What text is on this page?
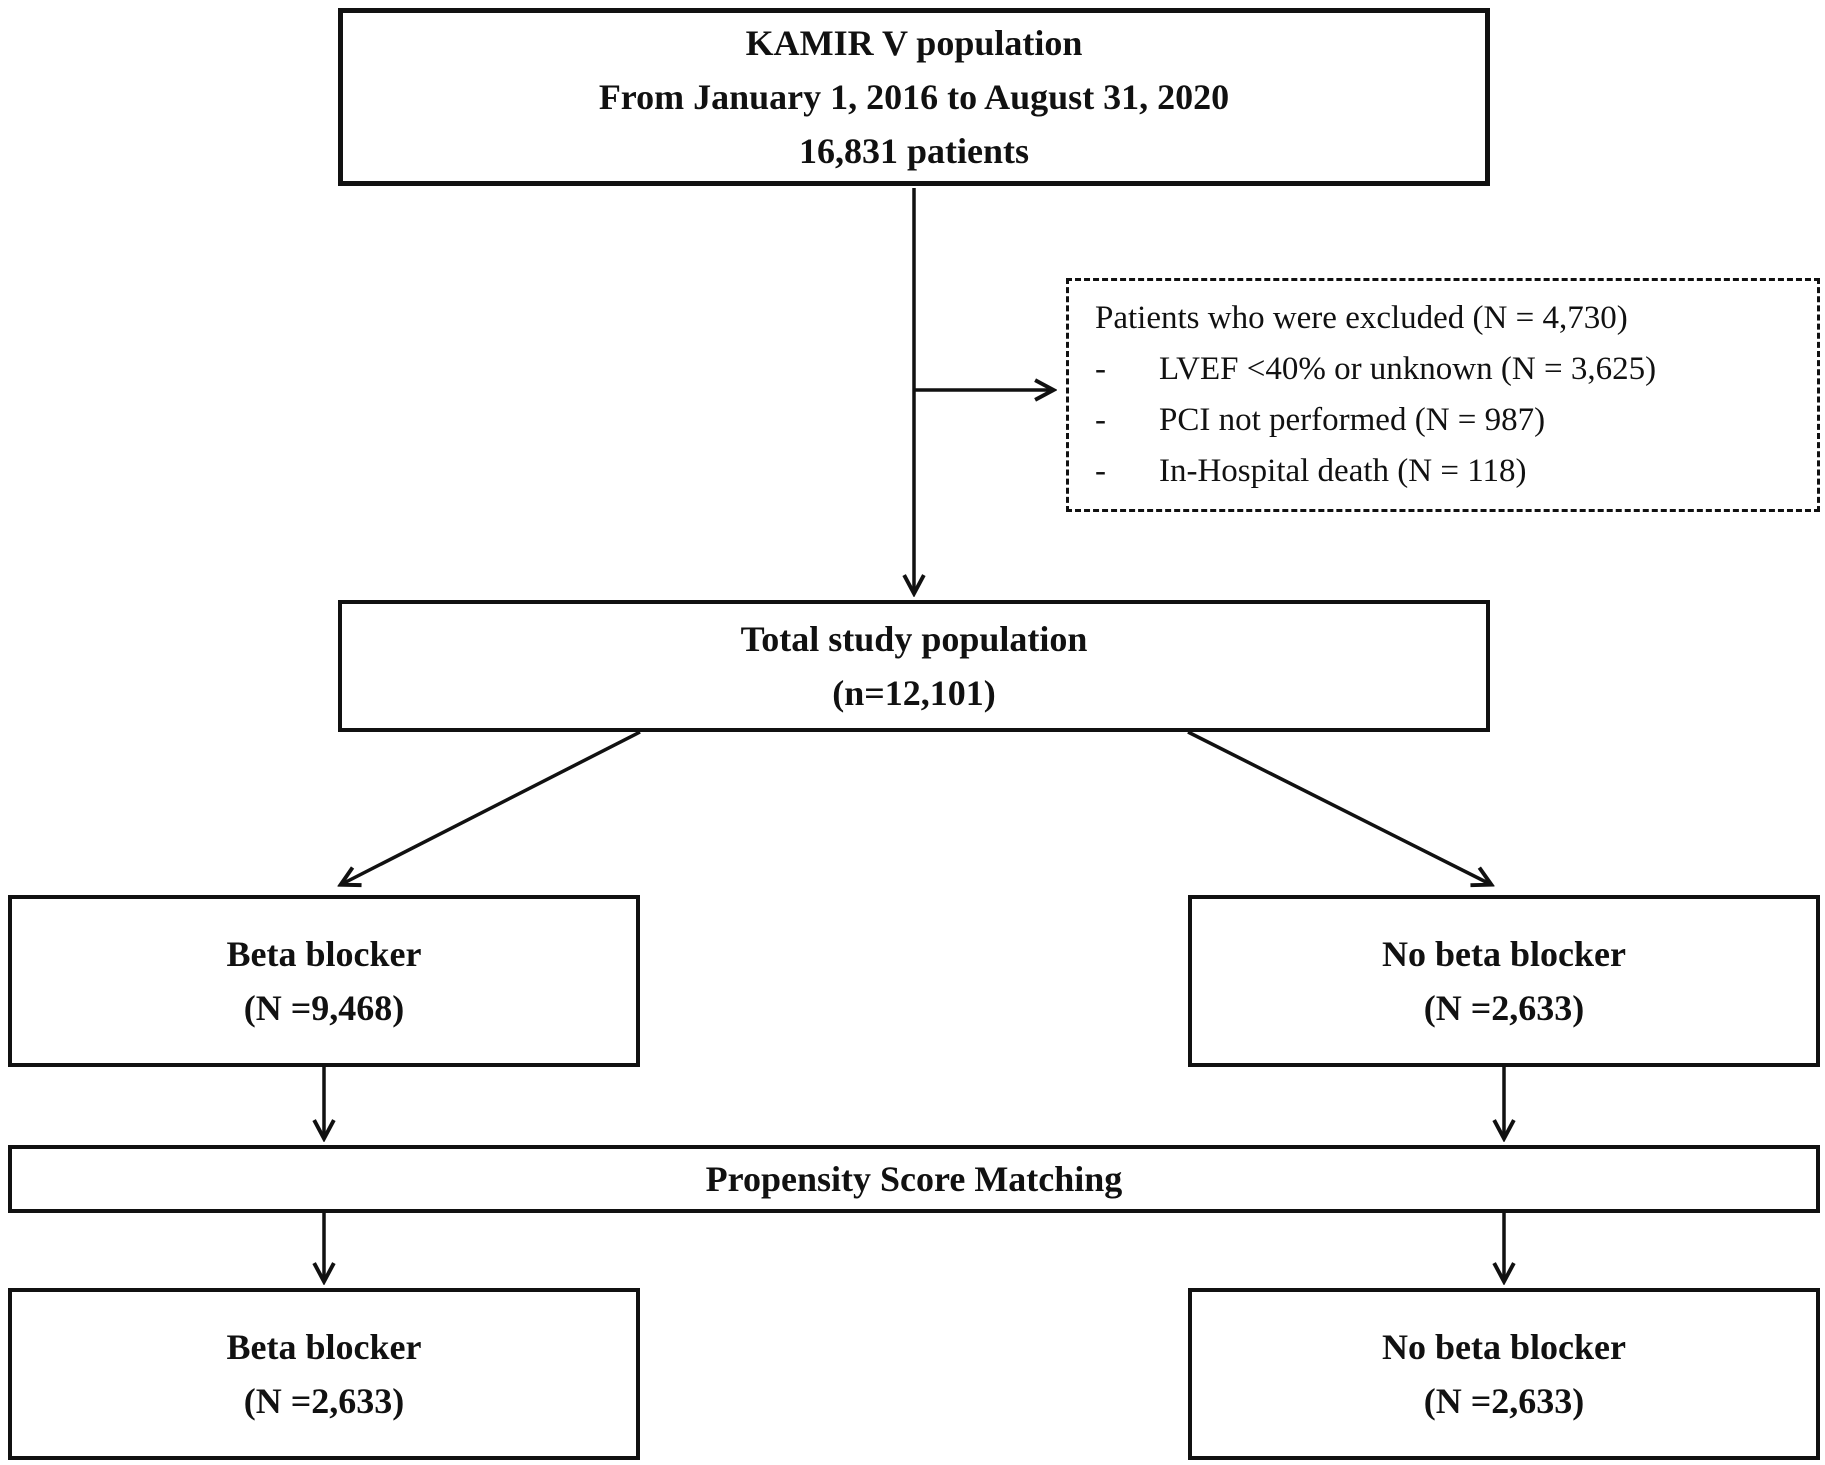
KAMIR V population
From January 1, 2016 to August 31, 2020
16,831 patients
Patients who were excluded (N = 4,730)
-	LVEF <40% or unknown (N = 3,625)
-	PCI not performed (N = 987)
-	In-Hospital death (N = 118)
Total study population
(n=12,101)
Beta blocker
(N =9,468)
No beta blocker
(N =2,633)
Propensity Score Matching
Beta blocker
(N =2,633)
No beta blocker
(N =2,633)
